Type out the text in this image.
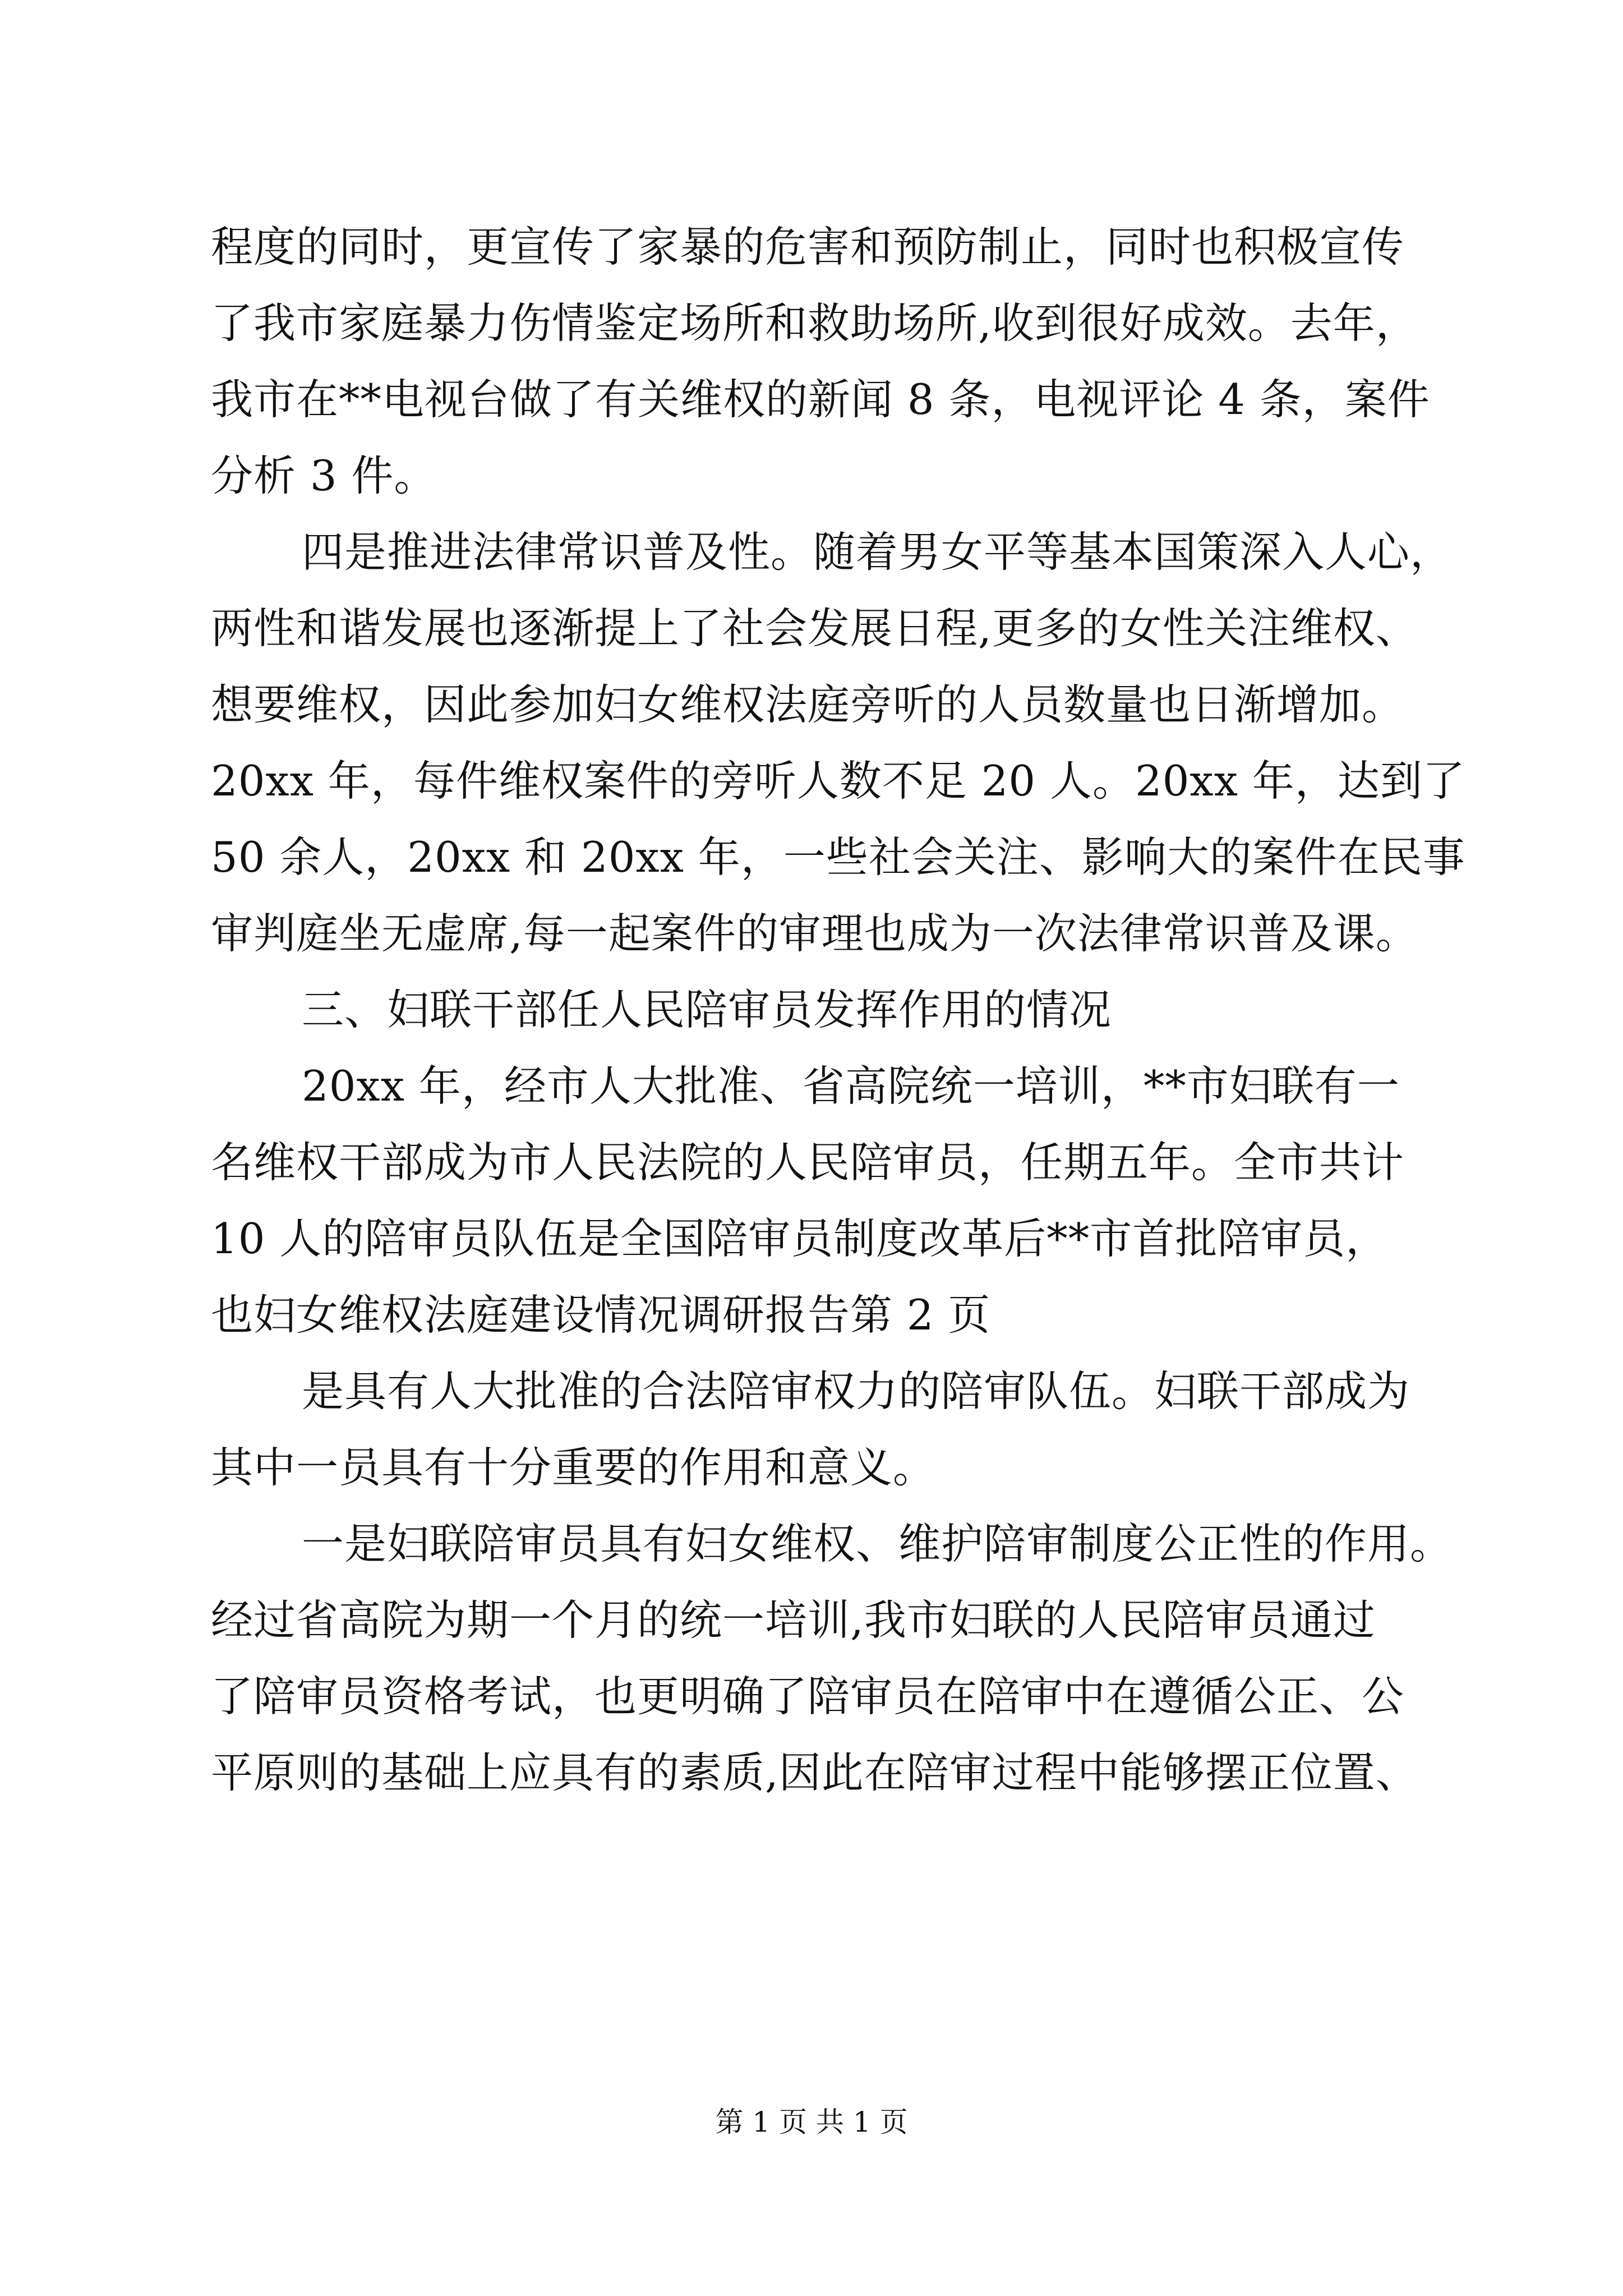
程度的同时，更宣传了家暴的危害和预防制止，同时也积极宣传
了我市家庭暴力伤情鉴定场所和救助场所,收到很好成效。去年，
我市在**电视台做了有关维权的新闻 8 条，电视评论 4 条，案件
分析 3 件。
四是推进法律常识普及性。随着男女平等基本国策深入人心，
两性和谐发展也逐渐提上了社会发展日程,更多的女性关注维权、
想要维权，因此参加妇女维权法庭旁听的人员数量也日渐增加。
20xx 年，每件维权案件的旁听人数不足 20 人。20xx 年，达到了
50 余人，20xx 和 20xx 年，一些社会关注、影响大的案件在民事
审判庭坐无虚席,每一起案件的审理也成为一次法律常识普及课。
三、妇联干部任人民陪审员发挥作用的情况
20xx 年，经市人大批准、省高院统一培训，**市妇联有一
名维权干部成为市人民法院的人民陪审员，任期五年。全市共计
10 人的陪审员队伍是全国陪审员制度改革后**市首批陪审员，
也妇女维权法庭建设情况调研报告第 2 页
是具有人大批准的合法陪审权力的陪审队伍。妇联干部成为
其中一员具有十分重要的作用和意义。
一是妇联陪审员具有妇女维权、维护陪审制度公正性的作用。
经过省高院为期一个月的统一培训,我市妇联的人民陪审员通过
了陪审员资格考试，也更明确了陪审员在陪审中在遵循公正、公
平原则的基础上应具有的素质,因此在陪审过程中能够摆正位置、
第 1 页 共 1 页
